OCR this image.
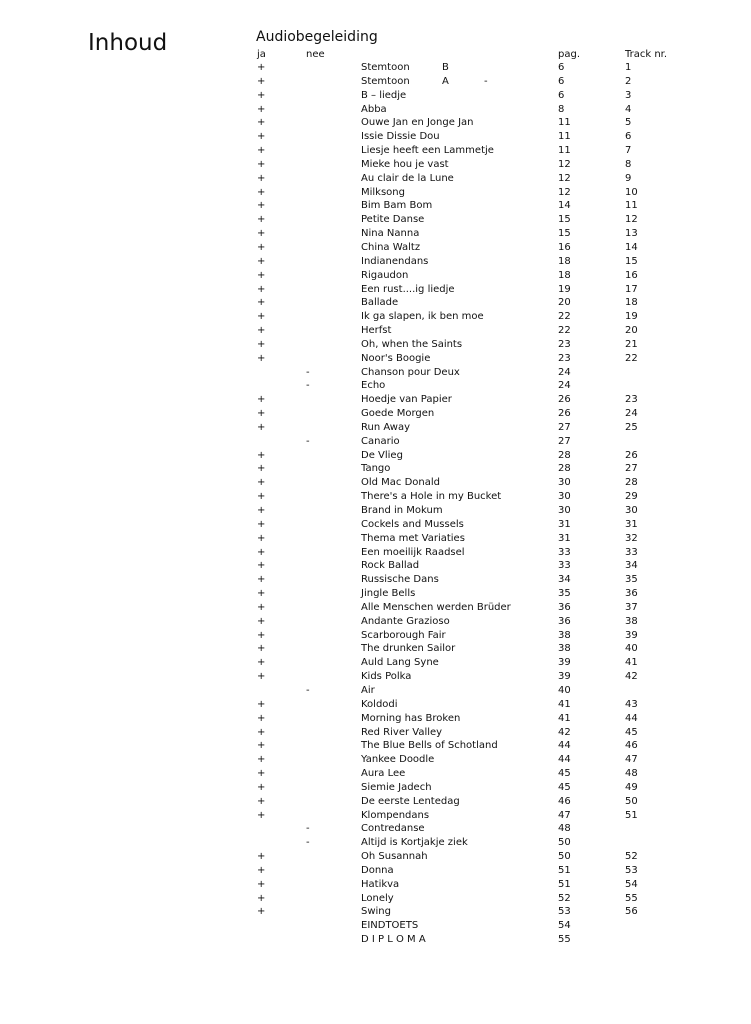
Inhoud	Audiobegeleiding
ja	nee	pag.	Track nr.
+	Stemtoon	B	6	1
+	Stemtoon	A	-	6	2
+	B – liedje	6	3
+	Abba	8	4
+	Ouwe Jan en Jonge Jan	11	5
+	Issie Dissie Dou	11	6
+	Liesje heeft een Lammetje	11	7
+	Mieke hou je vast	12	8
+	Au clair de la Lune	12	9
+	Milksong	12	10
+	Bim Bam Bom	14	11
+	Petite Danse	15	12
+	Nina Nanna	15	13
+	China Waltz	16	14
+	Indianendans	18	15
+	Rigaudon	18	16
+	Een rust....ig liedje	19	17
+	Ballade	20	18
+	Ik ga slapen, ik ben moe	22	19
+	Herfst	22	20
+	Oh, when the Saints	23	21
+	Noor's Boogie	23	22
-	Chanson pour Deux	24
-	Echo	24
+	Hoedje van Papier	26	23
+	Goede Morgen	26	24
+	Run Away	27	25
-	Canario	27
+	De Vlieg	28	26
+	Tango	28	27
+	Old Mac Donald	30	28
+	There's a Hole in my Bucket	30	29
+	Brand in Mokum	30	30
+	Cockels and Mussels	31	31
+	Thema met Variaties	31	32
+	Een moeilijk Raadsel	33	33
+	Rock Ballad	33	34
+	Russische Dans	34	35
+	Jingle Bells	35	36
+	Alle Menschen werden Brüder	36	37
+	Andante Grazioso	36	38
+	Scarborough Fair	38	39
+	The drunken Sailor	38	40
+	Auld Lang Syne	39	41
+	Kids Polka	39	42
-	Air	40
+	Koldodi	41	43
+	Morning has Broken	41	44
+	Red River Valley	42	45
+	The Blue Bells of Schotland	44	46
+	Yankee Doodle	44	47
+	Aura Lee	45	48
+	Siemie Jadech	45	49
+	De eerste Lentedag	46	50
+	Klompendans	47	51
-	Contredanse	48
-	Altijd is Kortjakje ziek	50
+	Oh Susannah	50	52
+	Donna	51	53
+	Hatikva	51	54
+	Lonely	52	55
+	Swing	53	56
EINDTOETS	54
D I P L O M A	55
